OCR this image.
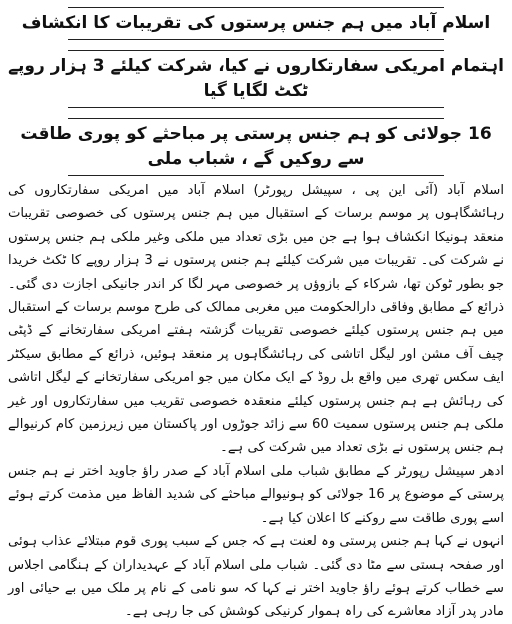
اسلام آباد میں ہم جنس پرستوں کی تقریبات کا انکشاف

اہتمام امریکی سفارتکاروں نے کیا، شرکت کیلئے 3 ہزار روپے ٹکٹ لگایا گیا

16 جولائی کو ہم جنس پرستی پر مباحثے کو پوری طاقت سے روکیں گے ، شباب ملی

اسلام آباد (آئی این پی ، سپیشل رپورٹر) اسلام آباد میں امریکی سفارتکاروں کی رہائشگاہوں پر موسم برسات کے استقبال میں ہم جنس پرستوں کی خصوصی تقریبات منعقد ہونیکا انکشاف ہوا ہے جن میں بڑی تعداد میں ملکی وغیر ملکی ہم جنس پرستوں نے شرکت کی۔ تقریبات میں شرکت کیلئے ہم جنس پرستوں نے 3 ہزار روپے کا ٹکٹ خریدا جو بطور ٹوکن تھا، شرکاء کے بازوؤں پر خصوصی مہر لگا کر اندر جانیکی اجازت دی گئی۔ ذرائع کے مطابق وفاقی دارالحکومت میں مغربی ممالک کی طرح موسم برسات کے استقبال میں ہم جنس پرستوں کیلئے خصوصی تقریبات گزشتہ ہفتے امریکی سفارتخانے کے ڈپٹی چیف آف مشن اور لیگل اتاشی کی رہائشگاہوں پر منعقد ہوئیں، ذرائع کے مطابق سیکٹر ایف سکس تھری میں واقع بل روڈ کے ایک مکان میں جو امریکی سفارتخانے کے لیگل اتاشی کی رہائش ہے ہم جنس پرستوں کیلئے منعقدہ خصوصی تقریب میں سفارتکاروں اور غیر ملکی ہم جنس پرستوں سمیت 60 سے زائد جوڑوں اور پاکستان میں زیرزمین کام کرنیوالے ہم جنس پرستوں نے بڑی تعداد میں شرکت کی ہے۔

ادھر سپیشل رپورٹر کے مطابق شباب ملی اسلام آباد کے صدر راؤ جاوید اختر نے ہم جنس پرستی کے موضوع پر 16 جولائی کو ہونیوالے مباحثے کی شدید الفاظ میں مذمت کرتے ہوئے اسے پوری طاقت سے روکنے کا اعلان کیا ہے۔

انہوں نے کہا ہم جنس پرستی وہ لعنت ہے کہ جس کے سبب پوری قوم مبتلائے عذاب ہوئی اور صفحہ ہستی سے مٹا دی گئی۔ شباب ملی اسلام آباد کے عہدیداران کے ہنگامی اجلاس سے خطاب کرتے ہوئے راؤ جاوید اختر نے کہا کہ سو نامی کے نام پر ملک میں بے حیائی اور مادر پدر آزاد معاشرے کی راہ ہموار کرنیکی کوشش کی جا رہی ہے۔
